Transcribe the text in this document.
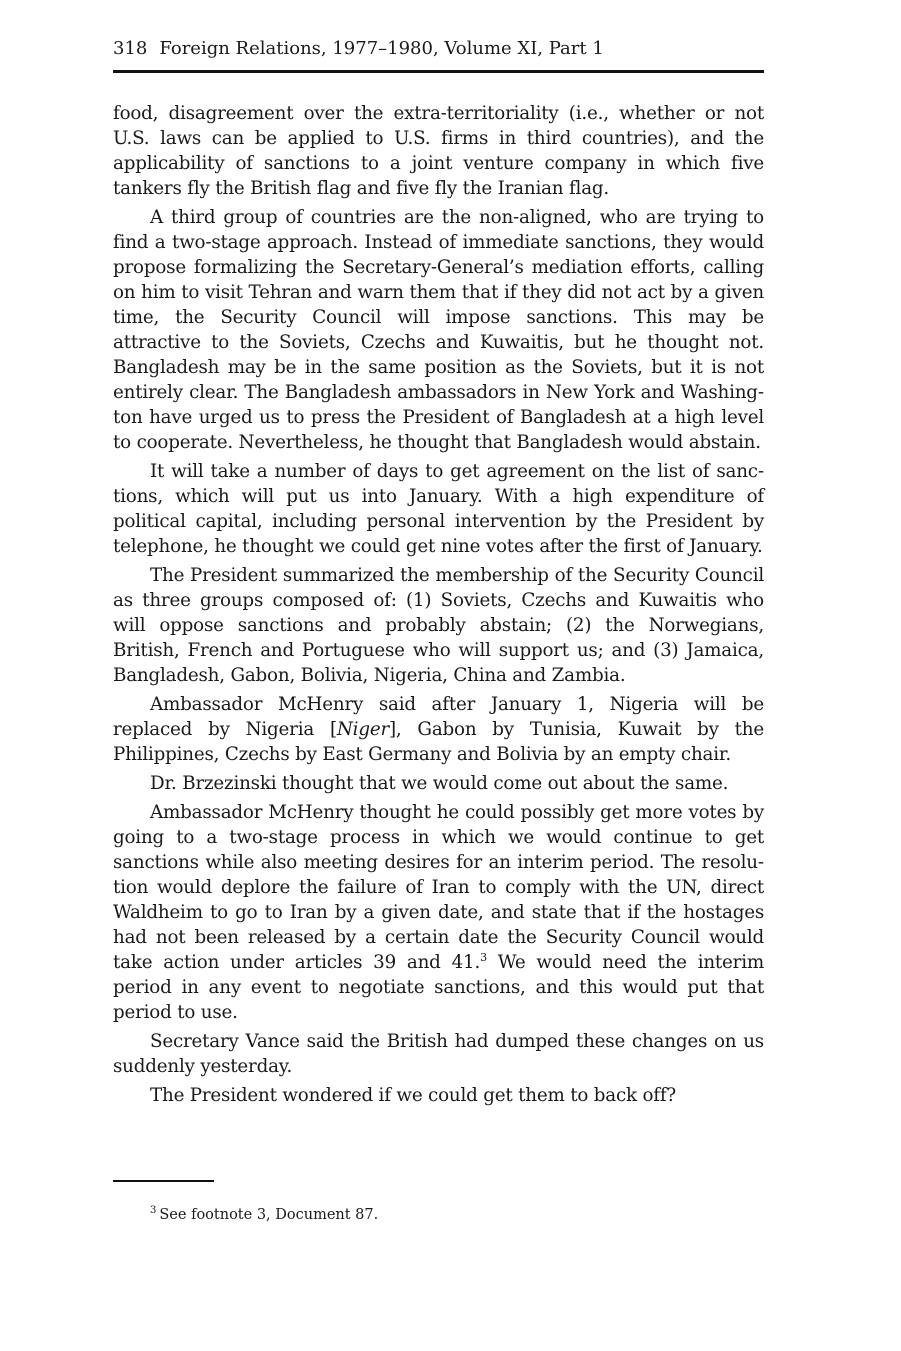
318 Foreign Relations, 1977–1980, Volume XI, Part 1

food, disagreement over the extra-territoriality (i.e., whether or not U.S. laws can be applied to U.S. firms in third countries), and the applicability of sanctions to a joint venture company in which five tankers fly the British flag and five fly the Iranian flag.

A third group of countries are the non-aligned, who are trying to find a two-stage approach. Instead of immediate sanctions, they would propose formalizing the Secretary-General’s mediation efforts, calling on him to visit Tehran and warn them that if they did not act by a given time, the Security Council will impose sanctions. This may be attractive to the Soviets, Czechs and Kuwaitis, but he thought not. Bangladesh may be in the same position as the Soviets, but it is not entirely clear. The Bangladesh ambassadors in New York and Washington have urged us to press the President of Bangladesh at a high level to cooperate. Nevertheless, he thought that Bangladesh would abstain.

It will take a number of days to get agreement on the list of sanctions, which will put us into January. With a high expenditure of political capital, including personal intervention by the President by telephone, he thought we could get nine votes after the first of January.

The President summarized the membership of the Security Council as three groups composed of: (1) Soviets, Czechs and Kuwaitis who will oppose sanctions and probably abstain; (2) the Norwegians, British, French and Portuguese who will support us; and (3) Jamaica, Bangladesh, Gabon, Bolivia, Nigeria, China and Zambia.

Ambassador McHenry said after January 1, Nigeria will be replaced by Nigeria [Niger], Gabon by Tunisia, Kuwait by the Philippines, Czechs by East Germany and Bolivia by an empty chair.

Dr. Brzezinski thought that we would come out about the same.

Ambassador McHenry thought he could possibly get more votes by going to a two-stage process in which we would continue to get sanctions while also meeting desires for an interim period. The resolution would deplore the failure of Iran to comply with the UN, direct Waldheim to go to Iran by a given date, and state that if the hostages had not been released by a certain date the Security Council would take action under articles 39 and 41.$^3$ We would need the interim period in any event to negotiate sanctions, and this would put that period to use.

Secretary Vance said the British had dumped these changes on us suddenly yesterday.

The President wondered if we could get them to back off?

$^3$ See footnote 3, Document 87.
